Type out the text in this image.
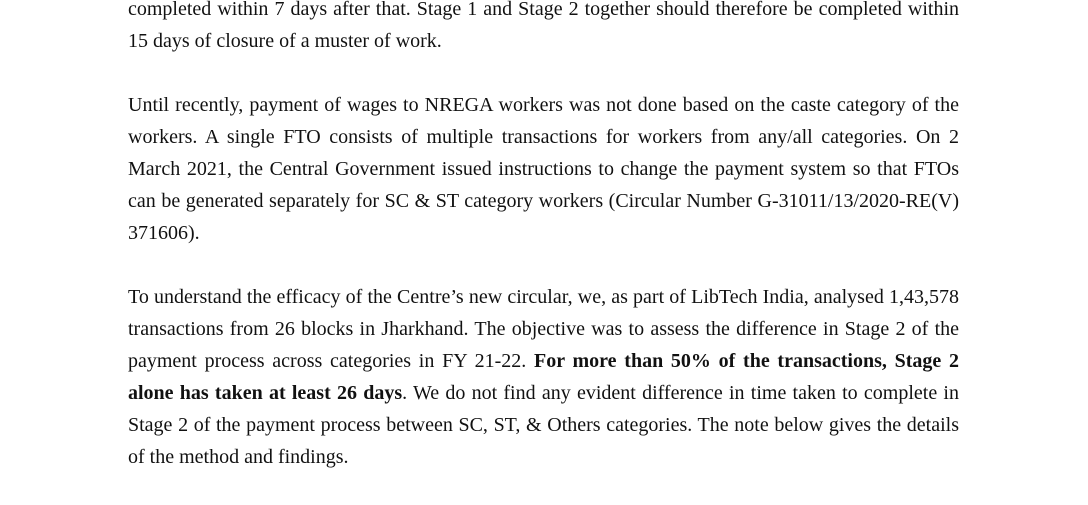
completed within 7 days after that. Stage 1 and Stage 2 together should therefore be completed within 15 days of closure of a muster of work.

Until recently, payment of wages to NREGA workers was not done based on the caste category of the workers. A single FTO consists of multiple transactions for workers from any/all categories. On 2 March 2021, the Central Government issued instructions to change the payment system so that FTOs can be generated separately for SC & ST category workers (Circular Number G-31011/13/2020-RE(V) 371606).

To understand the efficacy of the Centre’s new circular, we, as part of LibTech India, analysed 1,43,578 transactions from 26 blocks in Jharkhand. The objective was to assess the difference in Stage 2 of the payment process across categories in FY 21-22. For more than 50% of the transactions, Stage 2 alone has taken at least 26 days. We do not find any evident difference in time taken to complete in Stage 2 of the payment process between SC, ST, & Others categories. The note below gives the details of the method and findings.
